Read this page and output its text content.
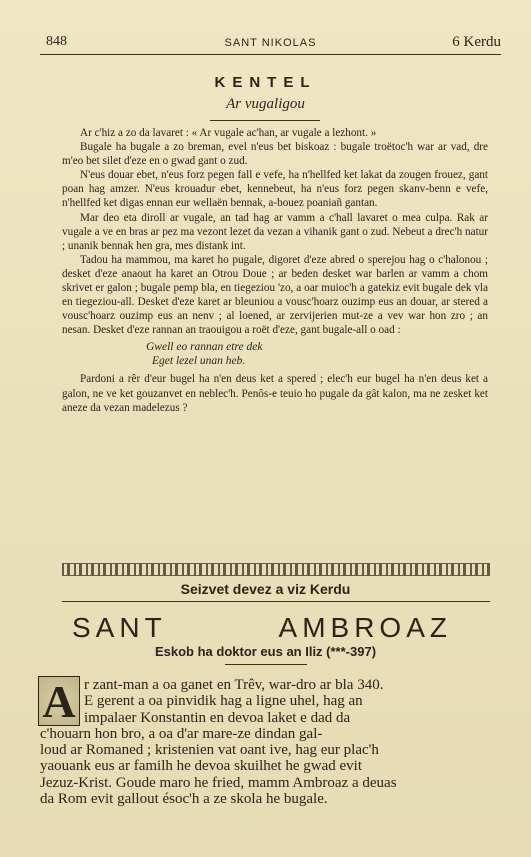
848	SANT NIKOLAS	6 Kerdu
KENTEL
Ar vugaligou

Ar c'hiz a zo da lavaret : « Ar vugale ac'han, ar vugale a lezhont. »

Bugale ha bugale a zo breman, evel n'eus bet biskoaz : bugale troëtoc'h war ar vad, dre m'eo bet silet d'eze en o gwad gant o zud.

N'eus douar ebet, n'eus forz pegen fall e vefe, ha n'hellfed ket lakat da zougen frouez, gant poan hag amzer. N'eus krouadur ebet, kennebeut, ha n'eus forz pegen skanv-benn e vefe, n'hellfed ket digas ennan eur wellaën bennak, a-bouez poaniañ gantan.

Mar deo eta diroll ar vugale, an tad hag ar vamm a c'hall lavaret o mea culpa. Rak ar vugale a ve en bras ar pez ma vezont lezet da vezan a vihanik gant o zud. Nebeut a drec'h natur ; unanik bennak hen gra, mes distank int.

Tadou ha mammou, ma karet ho pugale, digoret d'eze abred o sperejou hag o c'halonou ; desket d'eze anaout ha karet an Otrou Doue ; ar beden desket war barlen ar vamm a chom skrivet er galon ; bugale pemp bla, en tiegeziou 'zo, a oar muioc'h a gatekiz evit bugale dek vla en tiegeziou-all. Desket d'eze karet ar bleuniou a vousc'hoarz ouzimp eus an douar, ar stered a vousc'hoarz ouzimp eus an nenv ; al loened, ar zervijerien mut-ze a vev war hon zro ; an nesan. Desket d'eze rannan an traouigou a roët d'eze, gant bugale-all o oad :

Gwell eo rannan etre dek
Eget lezel unan heb.

Pardoni a rêr d'eur bugel ha n'en deus ket a spered ; elec'h eur bugel ha n'en deus ket a galon, ne ve ket gouzanvet en neblec'h. Penôs-e teuio ho pugale da gât kalon, ma ne zesket ket aneze da vezan madelezus ?

Seizvet devez a viz Kerdu
SANT	AMBROAZ
Eskob ha doktor eus an Iliz (***-397)
A r zant-man a oa ganet en Trêv, war-dro ar bla 340.
E gerent a oa pinvidik hag a ligne uhel, hag an
impalaer Konstantin en devoa laket e dad da
c'houarn hon bro, a oa d'ar mare-ze dindan gal-
loud ar Romaned ; kristenien vat oant ive, hag eur plac'h
yaouank eus ar familh he devoa skuilhet he gwad evit
Jezuz-Krist. Goude maro he fried, mamm Ambroaz a deuas
da Rom evit gallout ésoc'h a ze skola he bugale.
